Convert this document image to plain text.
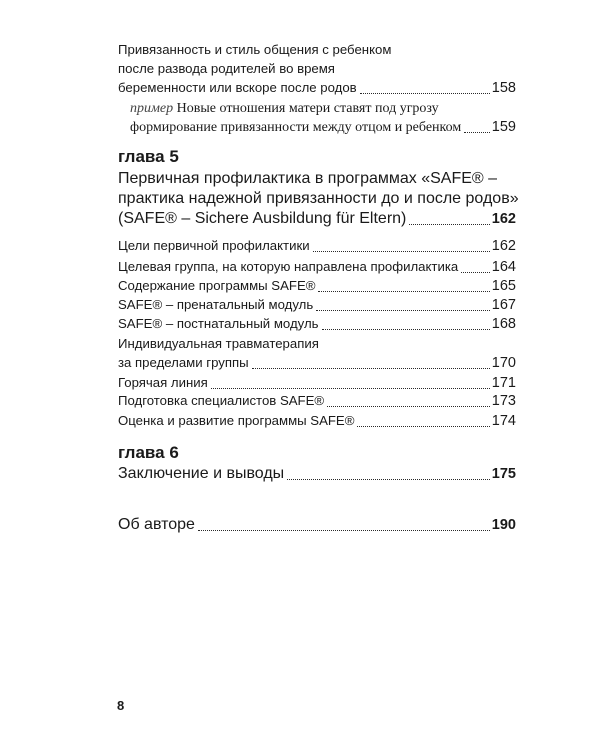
Привязанность и стиль общения с ребенком
после развода родителей во время
беременности или вскоре после родов	158
пример Новые отношения матери ставят под угрозу
формирование привязанности между отцом и ребенком 159
глава 5
Первичная профилактика в программах «SAFE® –
практика надежной привязанности до и после родов»
(SAFE® – Sichere Ausbildung für Eltern)	162
Цели первичной профилактики	162
Целевая группа, на которую направлена профилактика 164
Содержание программы SAFE®	165
SAFE® – пренатальный модуль	167
SAFE® – постнатальный модуль	168
Индивидуальная травматерапия
за пределами группы	170
Горячая линия	171
Подготовка специалистов SAFE®	173
Оценка и развитие программы SAFE®	174
глава 6
Заключение и выводы	175
Об авторе	190
8
